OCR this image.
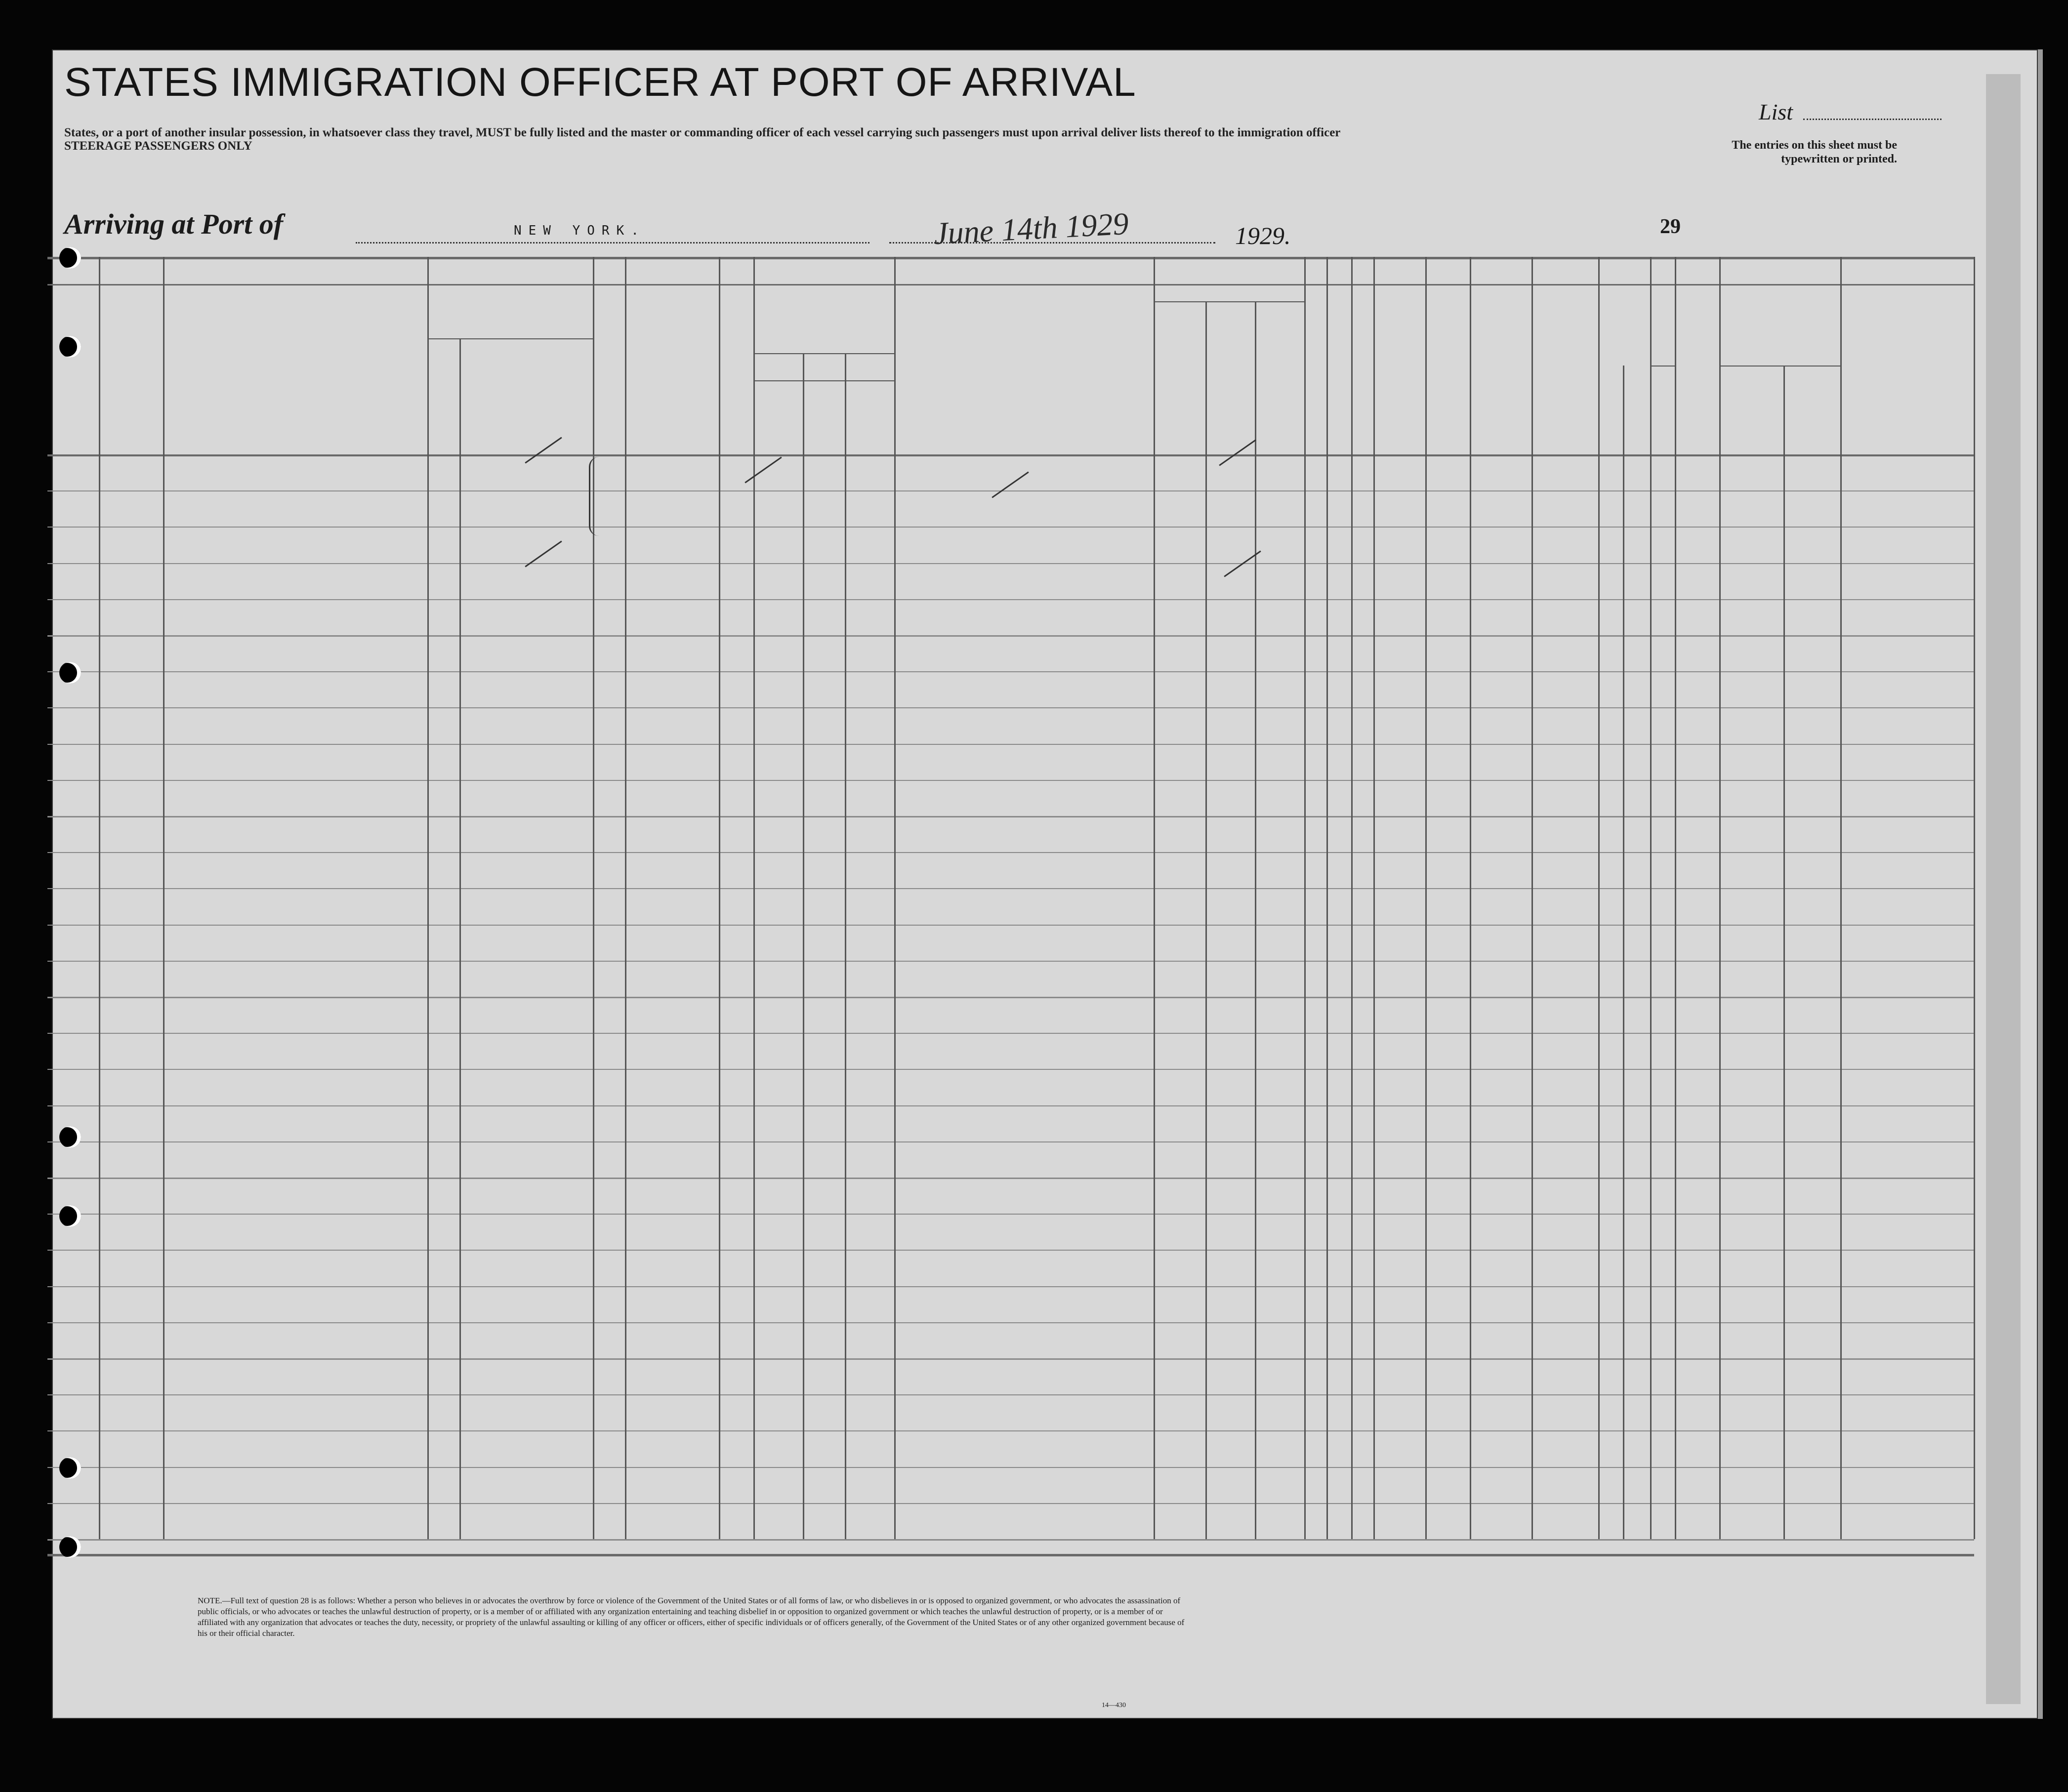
STATES IMMIGRATION OFFICER AT PORT OF ARRIVAL
States, or a port of another insular possession, in whatsoever class they travel, MUST be fully listed and the master or commanding officer of each vessel carrying such passengers must upon arrival deliver lists thereof to the immigration officer
STEERAGE PASSENGERS ONLY
List
The entries on this sheet must be typewritten or printed.
Arriving at Port of	NEW YORK.	June 14th 1929	1929.	29
NOTE.—Full text of question 28 is as follows: Whether a person who believes in or advocates the overthrow by force or violence of the Government of the United States or of all forms of law, or who disbelieves in or is opposed to organized government, or who advocates the assassination of public officials, or who advocates or teaches the unlawful destruction of property, or is a member of or affiliated with any organization entertaining and teaching disbelief in or opposition to organized government or which teaches the unlawful destruction of property, or is a member of or affiliated with any organization that advocates or teaches the duty, necessity, or propriety of the unlawful assaulting or killing of any officer or officers, either of specific individuals or of officers generally, of the Government of the United States or of any other organized government because of his or their official character.
14—430
